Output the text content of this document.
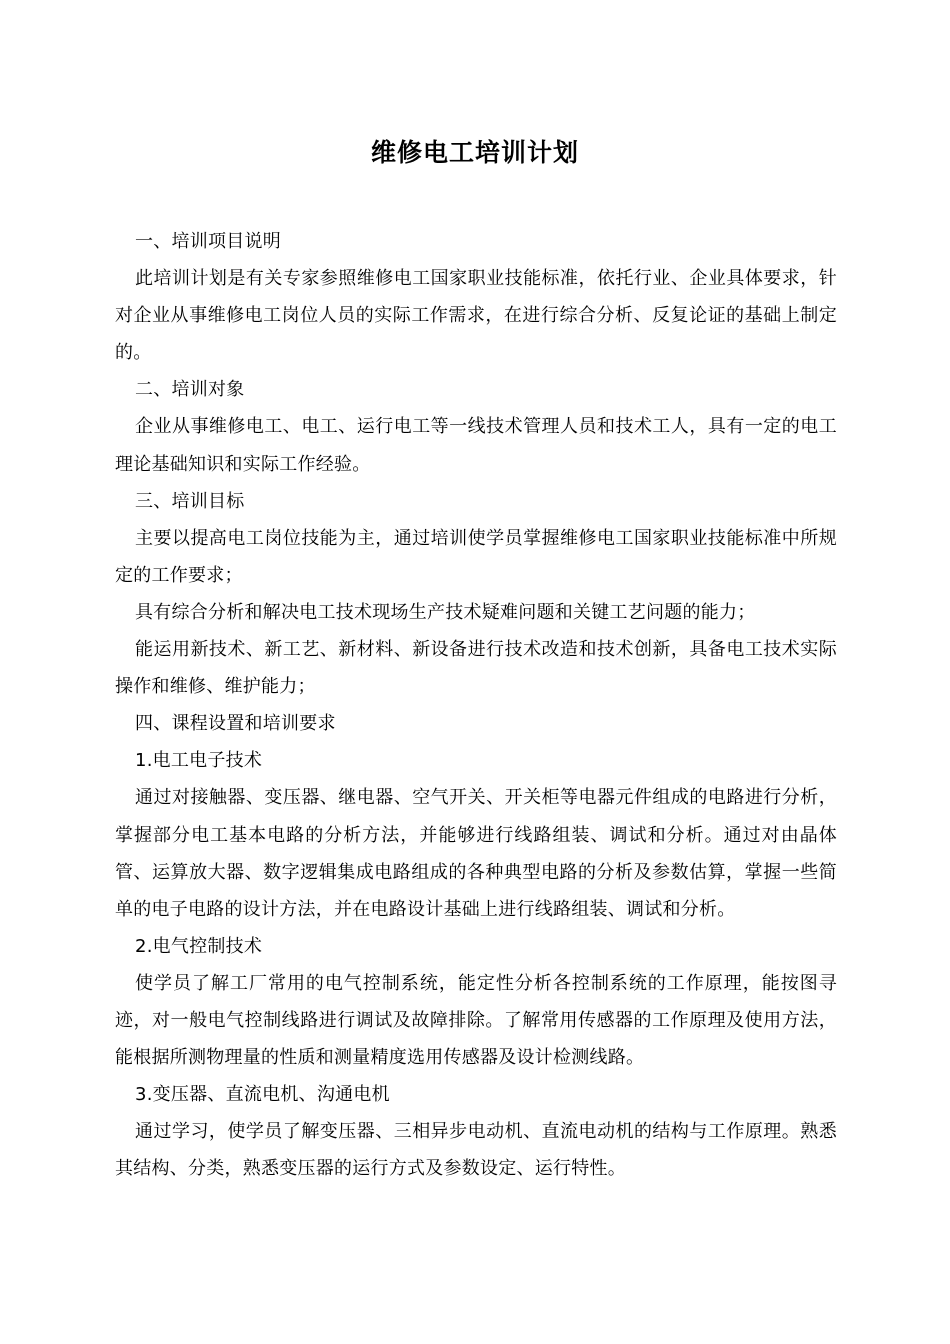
维修电工培训计划

一、培训项目说明

此培训计划是有关专家参照维修电工国家职业技能标准，依托行业、企业具体要求，针对企业从事维修电工岗位人员的实际工作需求，在进行综合分析、反复论证的基础上制定的。

二、培训对象

企业从事维修电工、电工、运行电工等一线技术管理人员和技术工人，具有一定的电工理论基础知识和实际工作经验。

三、培训目标

主要以提高电工岗位技能为主，通过培训使学员掌握维修电工国家职业技能标准中所规定的工作要求；

具有综合分析和解决电工技术现场生产技术疑难问题和关键工艺问题的能力；

能运用新技术、新工艺、新材料、新设备进行技术改造和技术创新，具备电工技术实际操作和维修、维护能力；

四、课程设置和培训要求

1.电工电子技术

通过对接触器、变压器、继电器、空气开关、开关柜等电器元件组成的电路进行分析，掌握部分电工基本电路的分析方法，并能够进行线路组装、调试和分析。通过对由晶体管、运算放大器、数字逻辑集成电路组成的各种典型电路的分析及参数估算，掌握一些简单的电子电路的设计方法，并在电路设计基础上进行线路组装、调试和分析。

2.电气控制技术

使学员了解工厂常用的电气控制系统，能定性分析各控制系统的工作原理，能按图寻迹，对一般电气控制线路进行调试及故障排除。了解常用传感器的工作原理及使用方法，能根据所测物理量的性质和测量精度选用传感器及设计检测线路。

3.变压器、直流电机、沟通电机

通过学习，使学员了解变压器、三相异步电动机、直流电动机的结构与工作原理。熟悉其结构、分类，熟悉变压器的运行方式及参数设定、运行特性。
